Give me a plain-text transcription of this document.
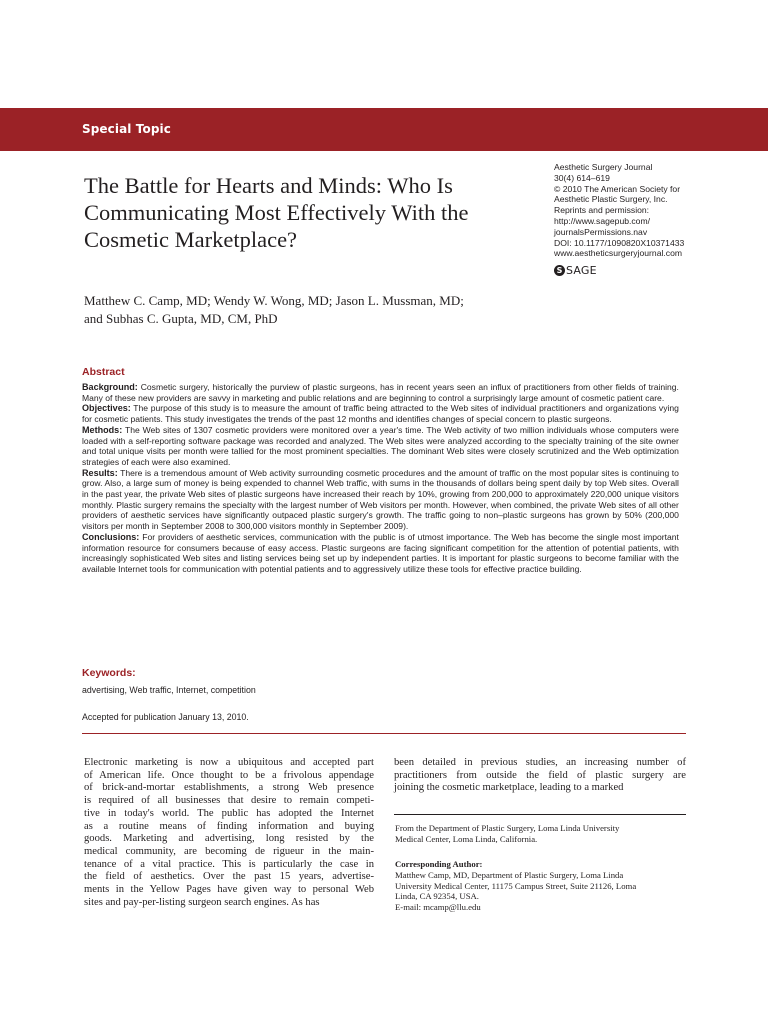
Special Topic
The Battle for Hearts and Minds: Who Is
Communicating Most Effectively With the
Cosmetic Marketplace?
Aesthetic Surgery Journal
30(4) 614–619
© 2010 The American Society for
Aesthetic Plastic Surgery, Inc.
Reprints and permission:
http://www.sagepub.com/
journalsPermissions.nav
DOI: 10.1177/1090820X10371433
www.aestheticsurgeryjournal.com
S SAGE
Matthew C. Camp, MD; Wendy W. Wong, MD; Jason L. Mussman, MD;
and Subhas C. Gupta, MD, CM, PhD
Abstract

Background: Cosmetic surgery, historically the purview of plastic surgeons, has in recent years seen an influx of practitioners from other fields of training. Many of these new providers are savvy in marketing and public relations and are beginning to control a surprisingly large amount of cosmetic patient care.

Objectives: The purpose of this study is to measure the amount of traffic being attracted to the Web sites of individual practitioners and organizations vying for cosmetic patients. This study investigates the trends of the past 12 months and identifies changes of special concern to plastic surgeons.

Methods: The Web sites of 1307 cosmetic providers were monitored over a year's time. The Web activity of two million individuals whose computers were loaded with a self-reporting software package was recorded and analyzed. The Web sites were analyzed according to the specialty training of the site owner and total unique visits per month were tallied for the most prominent specialties. The dominant Web sites were closely scrutinized and the Web optimization strategies of each were also examined.

Results: There is a tremendous amount of Web activity surrounding cosmetic procedures and the amount of traffic on the most popular sites is continuing to grow. Also, a large sum of money is being expended to channel Web traffic, with sums in the thousands of dollars being spent daily by top Web sites. Overall in the past year, the private Web sites of plastic surgeons have increased their reach by 10%, growing from 200,000 to approximately 220,000 unique visitors monthly. Plastic surgery remains the specialty with the largest number of Web visitors per month. However, when combined, the private Web sites of all other providers of aesthetic services have significantly outpaced plastic surgery's growth. The traffic going to non–plastic surgeons has grown by 50% (200,000 visitors per month in September 2008 to 300,000 visitors monthly in September 2009).

Conclusions: For providers of aesthetic services, communication with the public is of utmost importance. The Web has become the single most important information resource for consumers because of easy access. Plastic surgeons are facing significant competition for the attention of potential patients, with increasingly sophisticated Web sites and listing services being set up by independent parties. It is important for plastic surgeons to become familiar with the available Internet tools for communication with potential patients and to aggressively utilize these tools for effective practice building.

Keywords:
advertising, Web traffic, Internet, competition
Accepted for publication January 13, 2010.
Electronic marketing is now a ubiquitous and accepted part
of American life. Once thought to be a frivolous appendage
of brick-and-mortar establishments, a strong Web presence
is required of all businesses that desire to remain competi-
tive in today's world. The public has adopted the Internet
as a routine means of finding information and buying
goods. Marketing and advertising, long resisted by the
medical community, are becoming de rigueur in the main-
tenance of a vital practice. This is particularly the case in
the field of aesthetics. Over the past 15 years, advertise-
ments in the Yellow Pages have given way to personal Web
sites and pay-per-listing surgeon search engines. As has
been detailed in previous studies, an increasing number of
practitioners from outside the field of plastic surgery are
joining the cosmetic marketplace, leading to a marked
From the Department of Plastic Surgery, Loma Linda University
Medical Center, Loma Linda, California.
Corresponding Author:
Matthew Camp, MD, Department of Plastic Surgery, Loma Linda
University Medical Center, 11175 Campus Street, Suite 21126, Loma
Linda, CA 92354, USA.
E-mail: mcamp@llu.edu
